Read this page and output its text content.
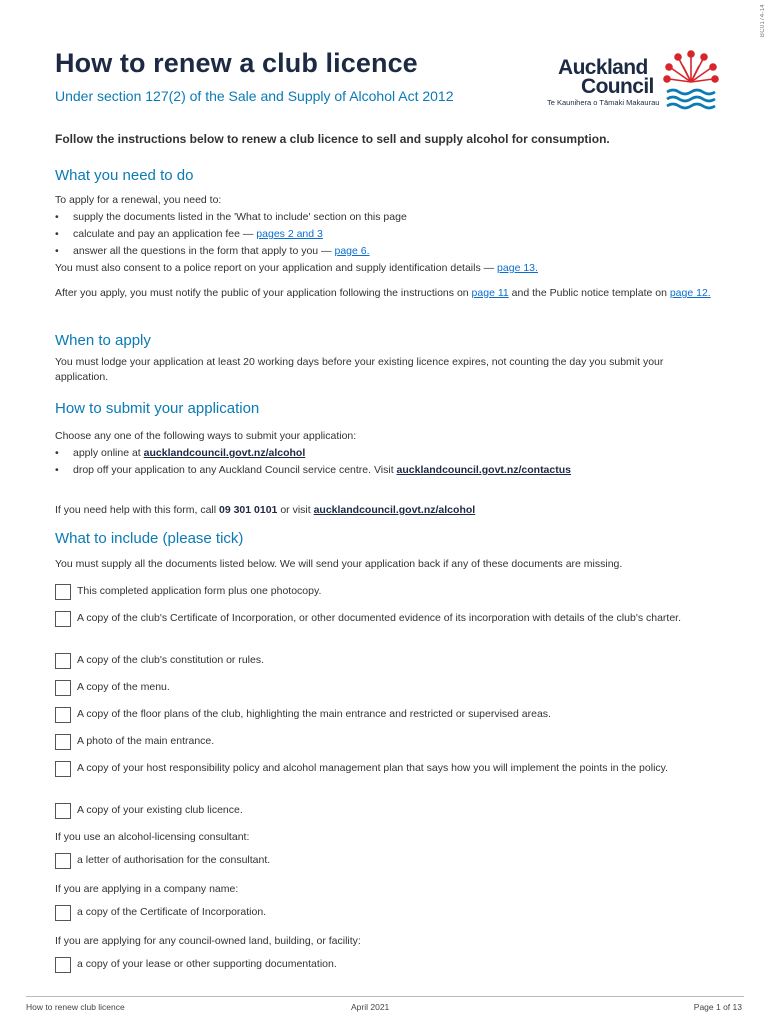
BC0174-14
How to renew a club licence
Under section 127(2) of the Sale and Supply of Alcohol Act 2012
Auckland
Council
Te Kaunihera o Tāmaki Makaurau
Follow the instructions below to renew a club licence to sell and supply alcohol for consumption.
What you need to do
To apply for a renewal, you need to:
• supply the documents listed in the 'What to include' section on this page
• calculate and pay an application fee — pages 2 and 3
• answer all the questions in the form that apply to you — page 6.
You must also consent to a police report on your application and supply identification details — page 13.
After you apply, you must notify the public of your application following the instructions on page 11 and the Public notice template on page 12.
When to apply
You must lodge your application at least 20 working days before your existing licence expires, not counting the day you submit your application.
How to submit your application
Choose any one of the following ways to submit your application:
• apply online at aucklandcouncil.govt.nz/alcohol
• drop off your application to any Auckland Council service centre. Visit aucklandcouncil.govt.nz/contactus
If you need help with this form, call 09 301 0101 or visit aucklandcouncil.govt.nz/alcohol
What to include (please tick)
You must supply all the documents listed below. We will send your application back if any of these documents are missing.
This completed application form plus one photocopy.
A copy of the club's Certificate of Incorporation, or other documented evidence of its incorporation with details of the club's charter.
A copy of the club's constitution or rules.
A copy of the menu.
A copy of the floor plans of the club, highlighting the main entrance and restricted or supervised areas.
A photo of the main entrance.
A copy of your host responsibility policy and alcohol management plan that says how you will implement the points in the policy.
A copy of your existing club licence.
If you use an alcohol-licensing consultant:
a letter of authorisation for the consultant.
If you are applying in a company name:
a copy of the Certificate of Incorporation.
If you are applying for any council-owned land, building, or facility:
a copy of your lease or other supporting documentation.
How to renew club licence	April 2021	Page 1 of 13
